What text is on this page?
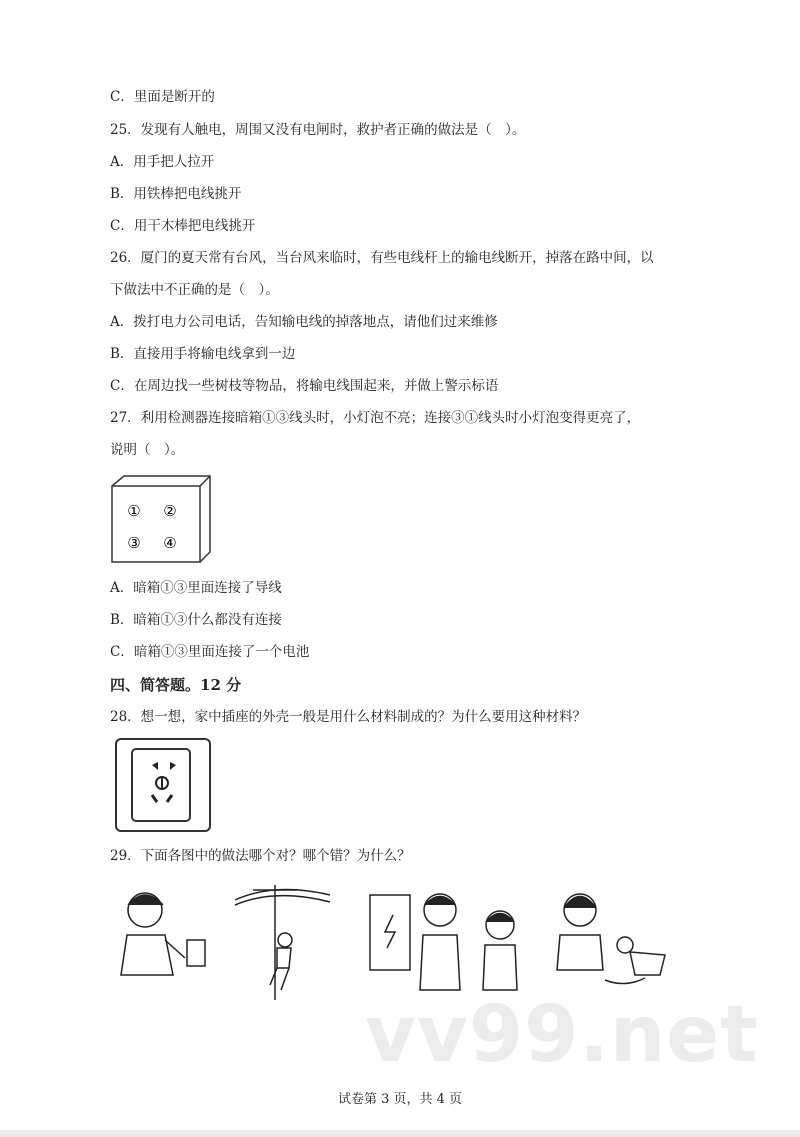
C．里面是断开的
25．发现有人触电，周围又没有电闸时，救护者正确的做法是（　）。
A．用手把人拉开
B．用铁棒把电线挑开
C．用干木棒把电线挑开
26．厦门的夏天常有台风，当台风来临时，有些电线杆上的输电线断开，掉落在路中间，以
下做法中不正确的是（　）。
A．拨打电力公司电话，告知输电线的掉落地点，请他们过来维修
B．直接用手将输电线拿到一边
C．在周边找一些树枝等物品，将输电线围起来，并做上警示标语
27．利用检测器连接暗箱①③线头时，小灯泡不亮；连接③①线头时小灯泡变得更亮了，
说明（　）。
① ②
③ ④
A．暗箱①③里面连接了导线
B．暗箱①③什么都没有连接
C．暗箱①③里面连接了一个电池
四、简答题。12 分
28．想一想，家中插座的外壳一般是用什么材料制成的？为什么要用这种材料？
29．下面各图中的做法哪个对？哪个错？为什么？
vv99.net
试卷第 3 页，共 4 页
